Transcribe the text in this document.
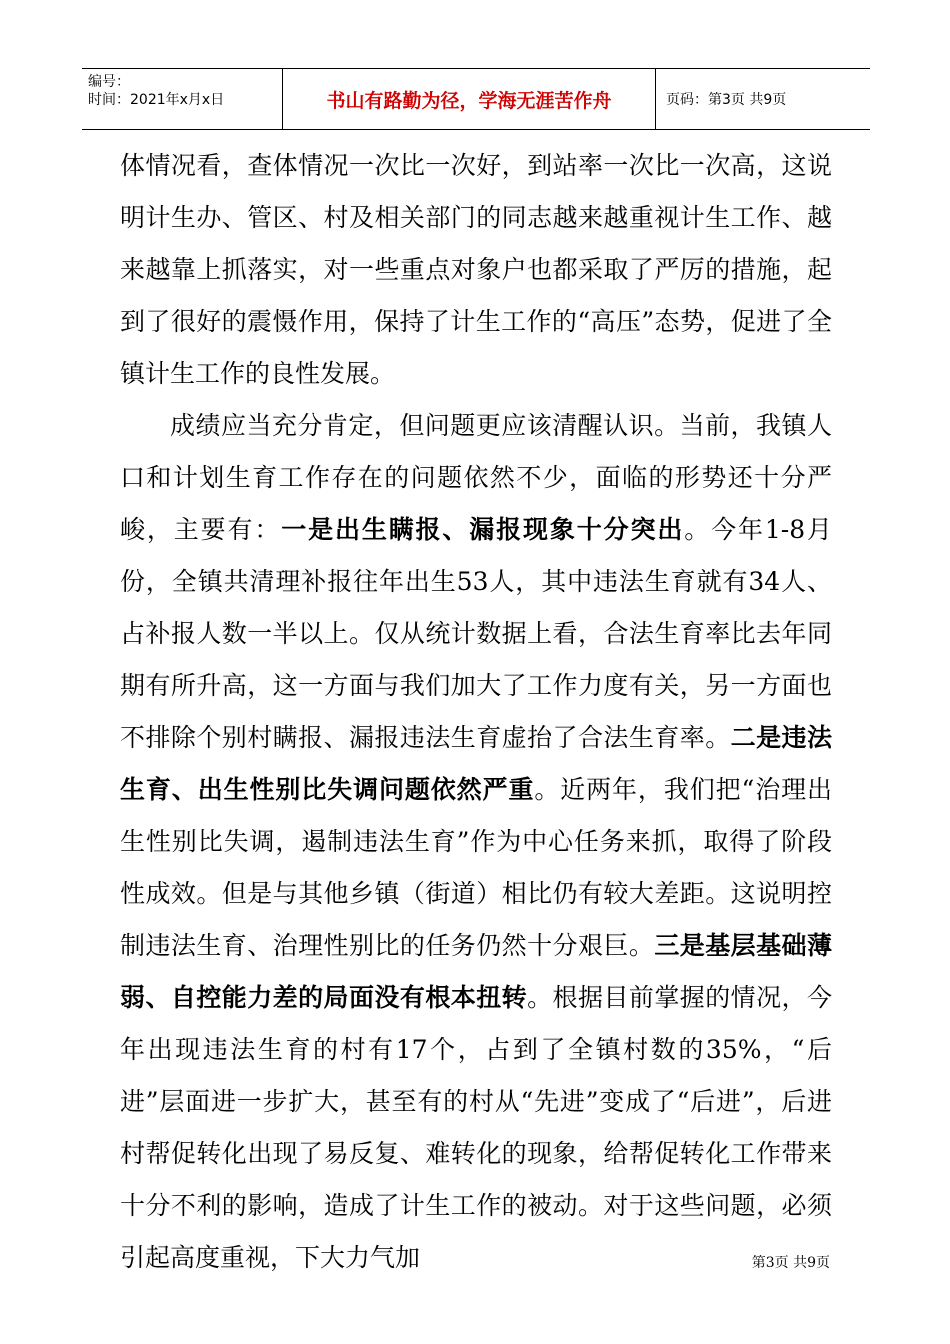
编号：
时间：2021年x月x日	书山有路勤为径，学海无涯苦作舟	页码：第3页 共9页

体情况看，查体情况一次比一次好，到站率一次比一次高，这说明计生办、管区、村及相关部门的同志越来越重视计生工作、越来越靠上抓落实，对一些重点对象户也都采取了严厉的措施，起到了很好的震慑作用，保持了计生工作的“高压”态势，促进了全镇计生工作的良性发展。

成绩应当充分肯定，但问题更应该清醒认识。当前，我镇人口和计划生育工作存在的问题依然不少，面临的形势还十分严峻，主要有：一是出生瞒报、漏报现象十分突出。今年1-8月份，全镇共清理补报往年出生53人，其中违法生育就有34人、占补报人数一半以上。仅从统计数据上看，合法生育率比去年同期有所升高，这一方面与我们加大了工作力度有关，另一方面也不排除个别村瞒报、漏报违法生育虚抬了合法生育率。二是违法生育、出生性别比失调问题依然严重。近两年，我们把“治理出生性别比失调，遏制违法生育”作为中心任务来抓，取得了阶段性成效。但是与其他乡镇（街道）相比仍有较大差距。这说明控制违法生育、治理性别比的任务仍然十分艰巨。三是基层基础薄弱、自控能力差的局面没有根本扭转。根据目前掌握的情况，今年出现违法生育的村有17个，占到了全镇村数的35%，“后进”层面进一步扩大，甚至有的村从“先进”变成了“后进”，后进村帮促转化出现了易反复、难转化的现象，给帮促转化工作带来十分不利的影响，造成了计生工作的被动。对于这些问题，必须引起高度重视，下大力气加	第3页 共9页
